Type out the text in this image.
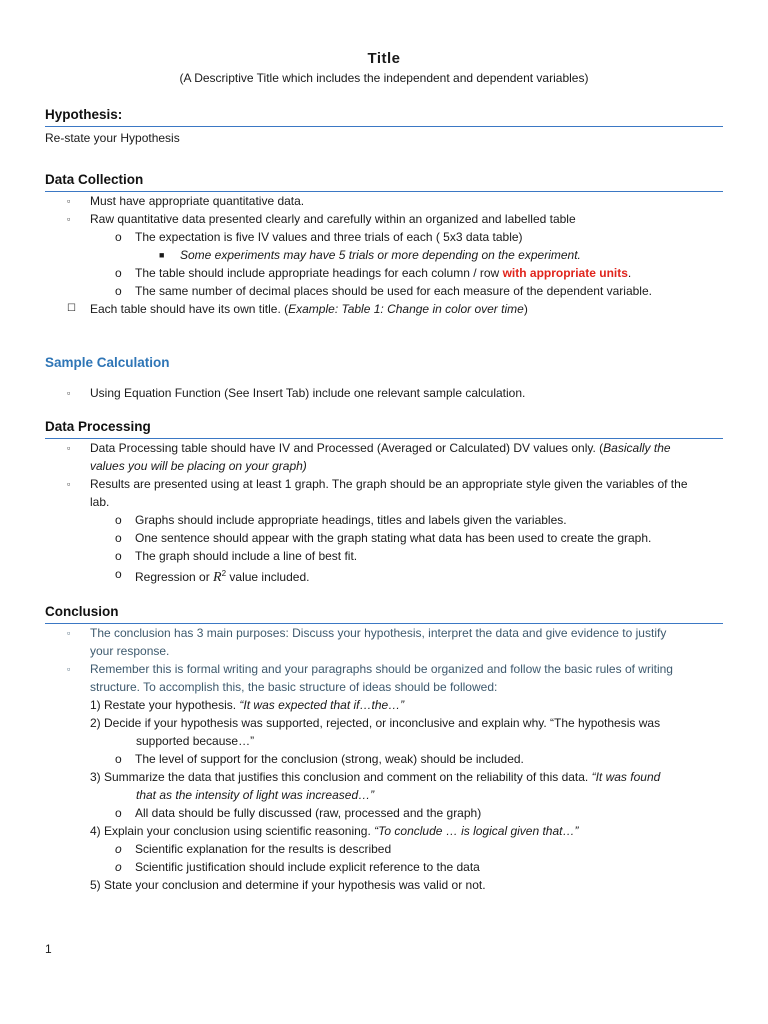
Title
(A Descriptive Title which includes the independent and dependent variables)
Hypothesis:
Re-state your Hypothesis
Data Collection
▫ Must have appropriate quantitative data.
▫ Raw quantitative data presented clearly and carefully within an organized and labelled table
o The expectation is five IV values and three trials of each ( 5x3 data table)
■ Some experiments may have 5 trials or more depending on the experiment.
o The table should include appropriate headings for each column / row with appropriate units.
o The same number of decimal places should be used for each measure of the dependent variable.
☐ Each table should have its own title. (Example: Table 1: Change in color over time)
Sample Calculation
▫ Using Equation Function (See Insert Tab) include one relevant sample calculation.
Data Processing
▫ Data Processing table should have IV and Processed (Averaged or Calculated) DV values only. (Basically the
values you will be placing on your graph)
▫ Results are presented using at least 1 graph. The graph should be an appropriate style given the variables of the
lab.
o Graphs should include appropriate headings, titles and labels given the variables.
o One sentence should appear with the graph stating what data has been used to create the graph.
o The graph should include a line of best fit.
o Regression or $R^2$ value included.
Conclusion
▫ The conclusion has 3 main purposes: Discuss your hypothesis, interpret the data and give evidence to justify
your response.
▫ Remember this is formal writing and your paragraphs should be organized and follow the basic rules of writing
structure. To accomplish this, the basic structure of ideas should be followed:
1) Restate your hypothesis. “It was expected that if…the…”
2) Decide if your hypothesis was supported, rejected, or inconclusive and explain why. “The hypothesis was
supported because…”
o The level of support for the conclusion (strong, weak) should be included.
3) Summarize the data that justifies this conclusion and comment on the reliability of this data. “It was found
that as the intensity of light was increased…”
o All data should be fully discussed (raw, processed and the graph)
4) Explain your conclusion using scientific reasoning. “To conclude … is logical given that…”
o Scientific explanation for the results is described
o Scientific justification should include explicit reference to the data
5) State your conclusion and determine if your hypothesis was valid or not.
1
